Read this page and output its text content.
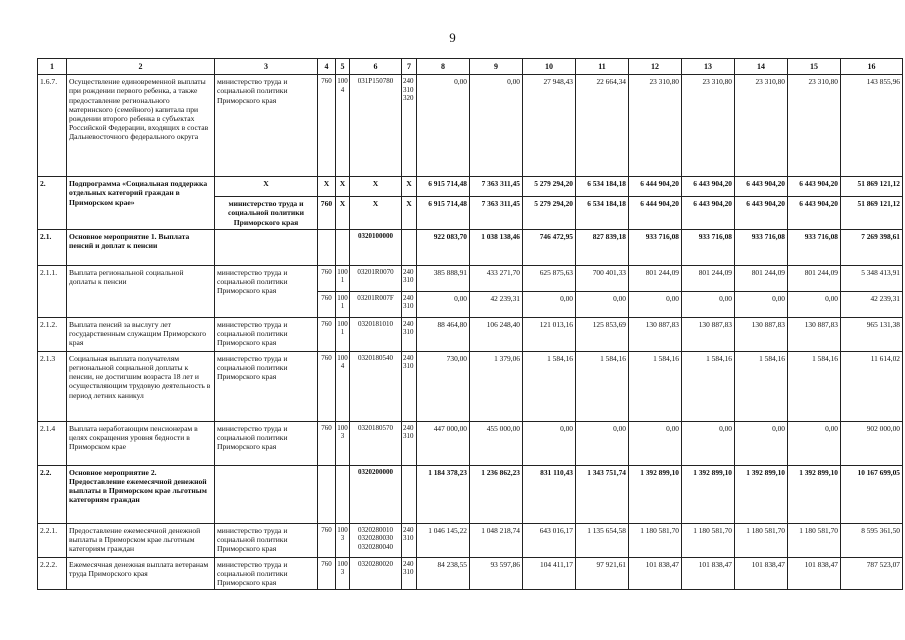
9
1	2	3	4	5	6	7	8	9	10	11	12	13	14	15	16
1.6.7.	Осуществление единовременной выплаты при рождении первого ребенка, а также предоставление регионального материнского (семейного) капитала при рождении второго ребенка в субъектах Российской Федерации, входящих в состав Дальневосточного федерального округа	министерство труда и социальной политики Приморского края	760	1004	031P150780	240 310 320	0,00	0,00	27 948,43	22 664,34	23 310,80	23 310,80	23 310,80	23 310,80	143 855,96
2.	Подпрограмма «Социальная поддержка отдельных категорий граждан в Приморском крае»	X	X	X	X	X	6 915 714,48	7 363 311,45	5 279 294,20	6 534 184,18	6 444 904,20	6 443 904,20	6 443 904,20	6 443 904,20	51 869 121,12
		министерство труда и социальной политики Приморского края	760	X	X	X	6 915 714,48	7 363 311,45	5 279 294,20	6 534 184,18	6 444 904,20	6 443 904,20	6 443 904,20	6 443 904,20	51 869 121,12
2.1.	Основное мероприятие 1. Выплата пенсий и доплат к пенсии				0320100000		922 083,70	1 038 138,46	746 472,95	827 839,18	933 716,08	933 716,08	933 716,08	933 716,08	7 269 398,61
2.1.1.	Выплата региональной социальной доплаты к пенсии	министерство труда и социальной политики Приморского края	760	1001	03201R0070	240 310	385 888,91	433 271,70	625 875,63	700 401,33	801 244,09	801 244,09	801 244,09	801 244,09	5 348 413,91
			760	1001	03201R007F	240 310	0,00	42 239,31	0,00	0,00	0,00	0,00	0,00	0,00	42 239,31
2.1.2.	Выплата пенсий за выслугу лет государственным служащим Приморского края	министерство труда и социальной политики Приморского края	760	1001	0320181010	240 310	88 464,80	106 248,40	121 013,16	125 853,69	130 887,83	130 887,83	130 887,83	130 887,83	965 131,38
2.1.3	Социальная выплата получателям региональной социальной доплаты к пенсии, не достигшим возраста 18 лет и осуществляющим трудовую деятельность в период летних каникул	министерство труда и социальной политики Приморского края	760	1004	0320180540	240 310	730,00	1 379,06	1 584,16	1 584,16	1 584,16	1 584,16	1 584,16	1 584,16	11 614,02
2.1.4	Выплата неработающим пенсионерам в целях сокращения уровня бедности в Приморском крае	министерство труда и социальной политики Приморского края	760	1003	0320180570	240 310	447 000,00	455 000,00	0,00	0,00	0,00	0,00	0,00	0,00	902 000,00
2.2.	Основное мероприятие 2. Предоставление ежемесячной денежной выплаты в Приморском крае льготным категориям граждан				0320200000		1 184 378,23	1 236 862,23	831 110,43	1 343 751,74	1 392 899,10	1 392 899,10	1 392 899,10	1 392 899,10	10 167 699,05
2.2.1.	Предоставление ежемесячной денежной выплаты в Приморском крае льготным категориям граждан	министерство труда и социальной политики Приморского края	760	1003	0320280010 0320280030 0320280040	240 310	1 046 145,22	1 048 218,74	643 016,17	1 135 654,58	1 180 581,70	1 180 581,70	1 180 581,70	1 180 581,70	8 595 361,50
2.2.2.	Ежемесячная денежная выплата ветеранам труда Приморского края	министерство труда и социальной политики Приморского края	760	1003	0320280020	240 310	84 238,55	93 597,86	104 411,17	97 921,61	101 838,47	101 838,47	101 838,47	101 838,47	787 523,07
